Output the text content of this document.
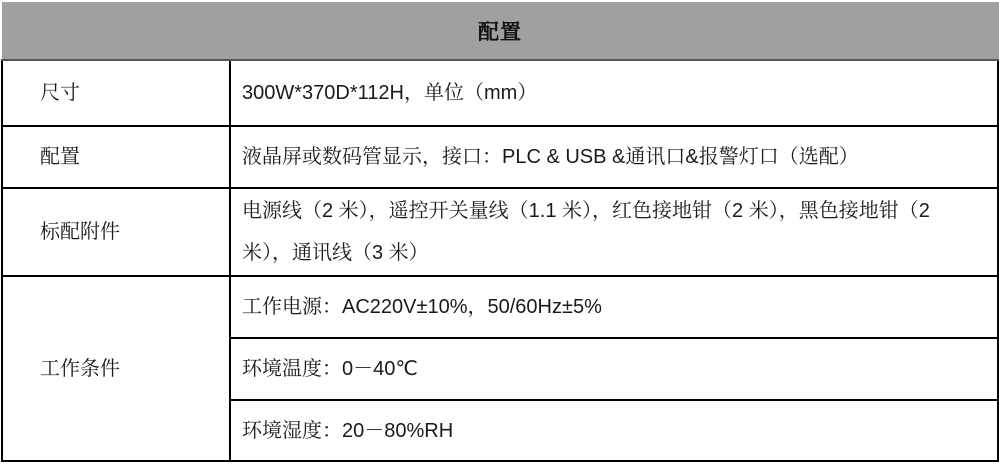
配置	
尺寸	300W*370D*112H，单位（mm）
配置	液晶屏或数码管显示，接口：PLC & USB &通讯口&报警灯口（选配）
标配附件	电源线（2 米），遥控开关量线（1.1 米），红色接地钳（2 米），黑色接地钳（2 米），通讯线（3 米）
工作条件	工作电源：AC220V±10%，50/60Hz±5%
	环境温度：0－40℃
	环境湿度：20－80%RH
